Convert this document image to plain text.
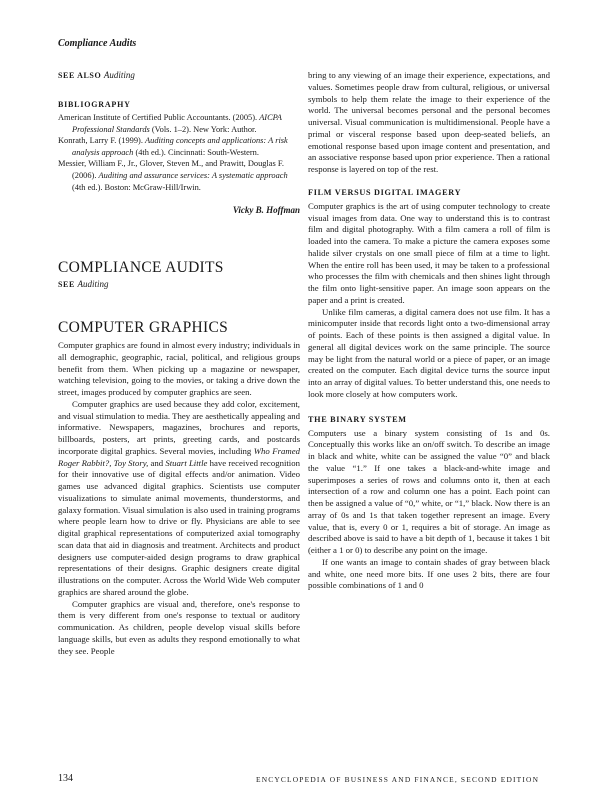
Compliance Audits

SEE ALSO Auditing

BIBLIOGRAPHY

American Institute of Certified Public Accountants. (2005). AICPA Professional Standards (Vols. 1–2). New York: Author.

Konrath, Larry F. (1999). Auditing concepts and applications: A risk analysis approach (4th ed.). Cincinnati: South-Western.

Messier, William F., Jr., Glover, Steven M., and Prawitt, Douglas F. (2006). Auditing and assurance services: A systematic approach (4th ed.). Boston: McGraw-Hill/Irwin.

Vicky B. Hoffman

COMPLIANCE AUDITS

SEE Auditing

COMPUTER GRAPHICS

Computer graphics are found in almost every industry; individuals in all demographic, geographic, racial, political, and religious groups benefit from them. When picking up a magazine or newspaper, watching television, going to the movies, or taking a drive down the street, images produced by computer graphics are seen.

Computer graphics are used because they add color, excitement, and visual stimulation to media. They are aesthetically appealing and informative. Newspapers, magazines, brochures and reports, billboards, posters, art prints, greeting cards, and postcards incorporate digital graphics. Several movies, including Who Framed Roger Rabbit?, Toy Story, and Stuart Little have received recognition for their innovative use of digital effects and/or animation. Video games use advanced digital graphics. Scientists use computer visualizations to simulate animal movements, thunderstorms, and galaxy formation. Visual simulation is also used in training programs where people learn how to drive or fly. Physicians are able to see digital graphical representations of computerized axial tomography scan data that aid in diagnosis and treatment. Architects and product designers use computer-aided design programs to draw graphical representations of their designs. Graphic designers create digital illustrations on the computer. Across the World Wide Web computer graphics are shared around the globe.

Computer graphics are visual and, therefore, one's response to them is very different from one's response to textual or auditory communication. As children, people develop visual skills before language skills, but even as adults they respond emotionally to what they see. People

bring to any viewing of an image their experience, expectations, and values. Sometimes people draw from cultural, religious, or universal symbols to help them relate the image to their experience of the world. The universal becomes personal and the personal becomes universal. Visual communication is multidimensional. People have a primal or visceral response based upon deep-seated beliefs, an emotional response based upon image content and presentation, and an associative response based upon prior experience. Then a rational response is layered on top of the rest.

FILM VERSUS DIGITAL IMAGERY

Computer graphics is the art of using computer technology to create visual images from data. One way to understand this is to contrast film and digital photography. With a film camera a roll of film is loaded into the camera. To make a picture the camera exposes some halide silver crystals on one small piece of film at a time to light. When the entire roll has been used, it may be taken to a professional who processes the film with chemicals and then shines light through the film onto light-sensitive paper. An image soon appears on the paper and a print is created.

Unlike film cameras, a digital camera does not use film. It has a minicomputer inside that records light onto a two-dimensional array of points. Each of these points is then assigned a digital value. In general all digital devices work on the same principle. The source may be light from the natural world or a piece of paper, or an image created on the computer. Each digital device turns the source input into an array of digital values. To better understand this, one needs to look more closely at how computers work.

THE BINARY SYSTEM

Computers use a binary system consisting of 1s and 0s. Conceptually this works like an on/off switch. To describe an image in black and white, white can be assigned the value “0” and black the value “1.” If one takes a black-and-white image and superimposes a series of rows and columns onto it, then at each intersection of a row and column one has a point. Each point can then be assigned a value of “0,” white, or “1,” black. Now there is an array of 0s and 1s that taken together represent an image. Every value, that is, every 0 or 1, requires a bit of storage. An image as described above is said to have a bit depth of 1, because it takes 1 bit (either a 1 or 0) to describe any point on the image.

If one wants an image to contain shades of gray between black and white, one need more bits. If one uses 2 bits, there are four possible combinations of 1 and 0

134	ENCYCLOPEDIA OF BUSINESS AND FINANCE, SECOND EDITION
